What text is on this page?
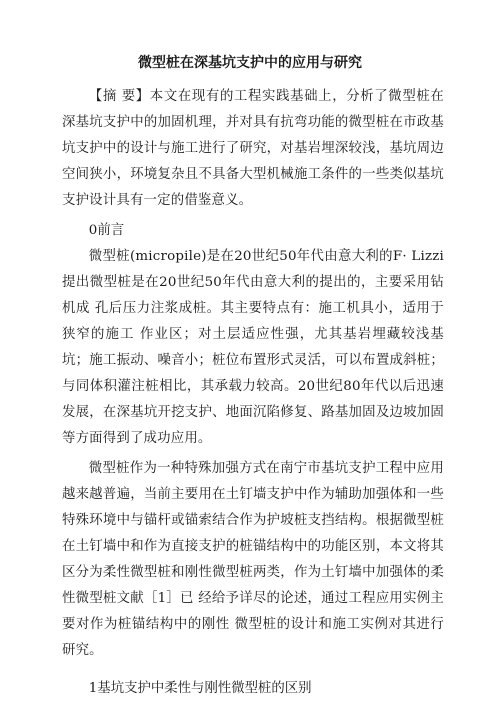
微型桩在深基坑支护中的应用与研究

【摘 要】本文在现有的工程实践基础上，分析了微型桩在深基坑支护中的加固机理，并对具有抗弯功能的微型桩在市政基坑支护中的设计与施工进行了研究，对基岩埋深较浅，基坑周边空间狭小，环境复杂且不具备大型机械施工条件的一些类似基坑支护设计具有一定的借鉴意义。

0前言

微型桩(micropile)是在20世纪50年代由意大利的F· Lizzi 提出微型桩是在20世纪50年代由意大利的提出的，主要采用钻机成 孔后压力注浆成桩。其主要特点有：施工机具小，适用于狭窄的施工 作业区；对土层适应性强，尤其基岩埋藏较浅基坑；施工振动、噪音小；桩位布置形式灵活，可以布置成斜桩；与同体积灌注桩相比，其承载力较高。20世纪80年代以后迅速发展，在深基坑开挖支护、地面沉陷修复、路基加固及边坡加固等方面得到了成功应用。

微型桩作为一种特殊加强方式在南宁市基坑支护工程中应用越来越普遍，当前主要用在土钉墙支护中作为辅助加强体和一些特殊环境中与锚杆或锚索结合作为护坡桩支挡结构。根据微型桩在土钉墙中和作为直接支护的桩锚结构中的功能区别，本文将其区分为柔性微型桩和刚性微型桩两类，作为土钉墙中加强体的柔性微型桩文献［1］已 经给予详尽的论述，通过工程应用实例主要对作为桩锚结构中的刚性 微型桩的设计和施工实例对其进行研究。

1基坑支护中柔性与刚性微型桩的区别
